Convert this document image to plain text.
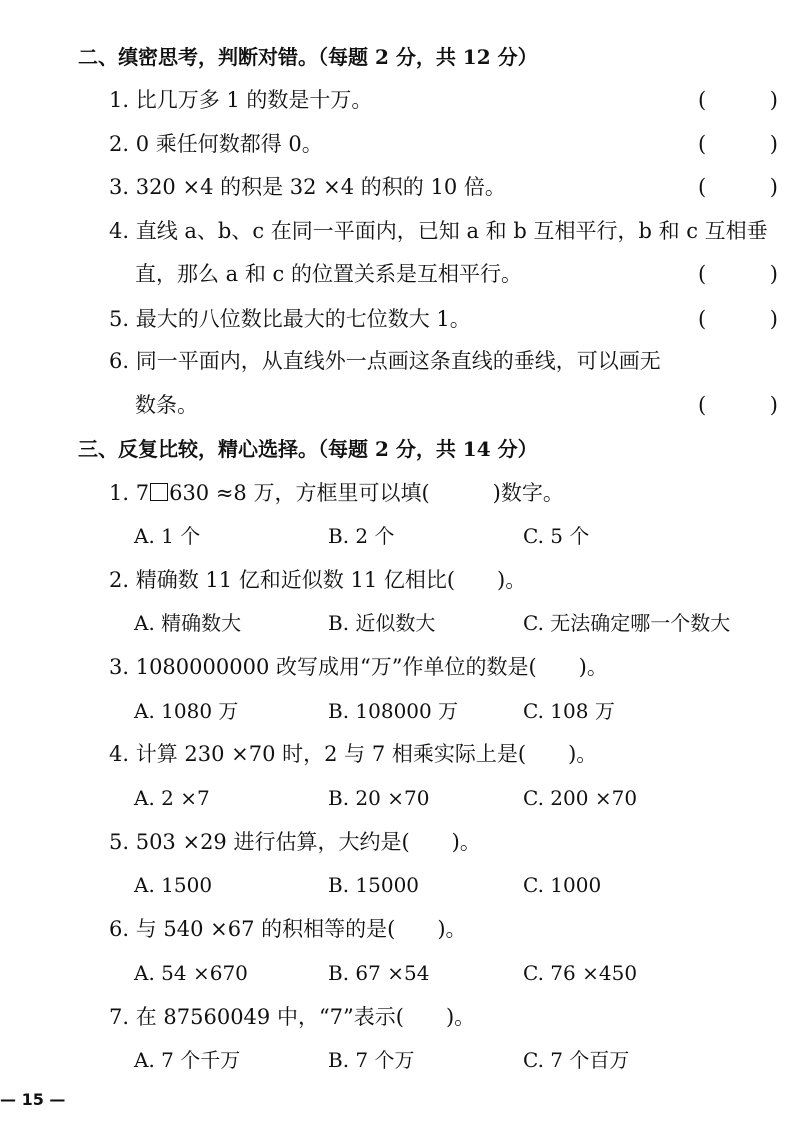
二、缜密思考，判断对错。（每题 2 分，共 12 分）
1. 比几万多 1 的数是十万。	(	)
2. 0 乘任何数都得 0。	(	)
3. 320 ×4 的积是 32 ×4 的积的 10 倍。	(	)
4. 直线 a、b、c 在同一平面内，已知 a 和 b 互相平行，b 和 c 互相垂
直，那么 a 和 c 的位置关系是互相平行。	(	)
5. 最大的八位数比最大的七位数大 1。	(	)
6. 同一平面内，从直线外一点画这条直线的垂线，可以画无
数条。	(	)
三、反复比较，精心选择。（每题 2 分，共 14 分）
1. 7 630 ≈8 万，方框里可以填(　　　)数字。
A. 1 个	B. 2 个	C. 5 个
2. 精确数 11 亿和近似数 11 亿相比(　　)。
A. 精确数大	B. 近似数大	C. 无法确定哪一个数大
3. 1080000000 改写成用“万”作单位的数是(　　)。
A. 1080 万	B. 108000 万	C. 108 万
4. 计算 230 ×70 时，2 与 7 相乘实际上是(　　)。
A. 2 ×7	B. 20 ×70	C. 200 ×70
5. 503 ×29 进行估算，大约是(　　)。
A. 1500	B. 15000	C. 1000
6. 与 540 ×67 的积相等的是(　　)。
A. 54 ×670	B. 67 ×54	C. 76 ×450
7. 在 87560049 中，“7”表示(　　)。
A. 7 个千万	B. 7 个万	C. 7 个百万
— 15 —
